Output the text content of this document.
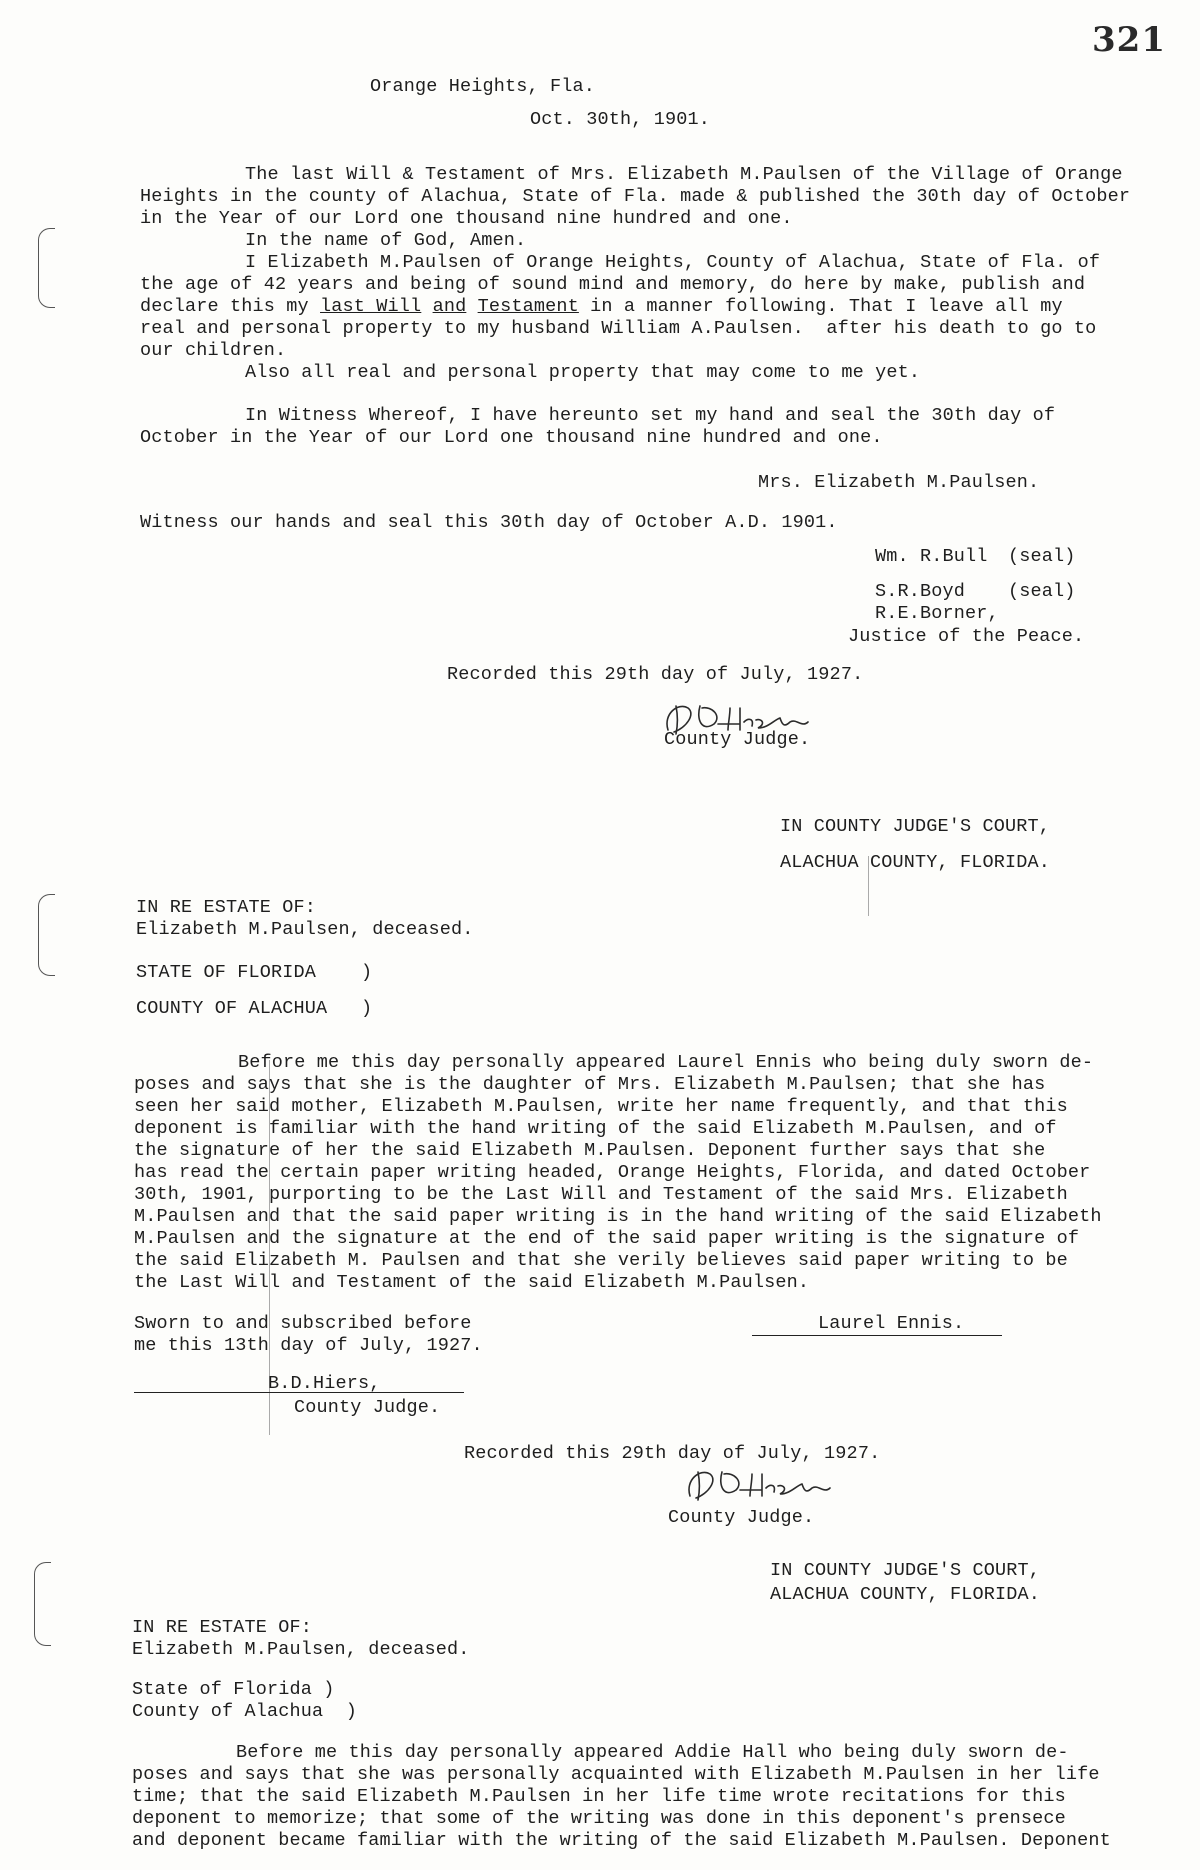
321
Orange Heights, Fla.
Oct. 30th, 1901.
The last Will & Testament of Mrs. Elizabeth M.Paulsen of the Village of Orange
Heights in the county of Alachua, State of Fla. made & published the 30th day of October
in the Year of our Lord one thousand nine hundred and one.
In the name of God, Amen.
I Elizabeth M.Paulsen of Orange Heights, County of Alachua, State of Fla. of
the age of 42 years and being of sound mind and memory, do here by make, publish and
declare this my last Will and Testament in a manner following. That I leave all my
real and personal property to my husband William A.Paulsen.  after his death to go to
our children.
Also all real and personal property that may come to me yet.
In Witness Whereof, I have hereunto set my hand and seal the 30th day of
October in the Year of our Lord one thousand nine hundred and one.
Mrs. Elizabeth M.Paulsen.
Witness our hands and seal this 30th day of October A.D. 1901.
Wm. R.Bull (seal)
S.R.Boyd (seal)
R.E.Borner,
Justice of the Peace.
Recorded this 29th day of July, 1927.
County Judge.
IN COUNTY JUDGE'S COURT,
ALACHUA COUNTY, FLORIDA.
IN RE ESTATE OF:
Elizabeth M.Paulsen, deceased.
STATE OF FLORIDA    )
COUNTY OF ALACHUA   )
Before me this day personally appeared Laurel Ennis who being duly sworn de-
poses and says that she is the daughter of Mrs. Elizabeth M.Paulsen; that she has
seen her said mother, Elizabeth M.Paulsen, write her name frequently, and that this
deponent is familiar with the hand writing of the said Elizabeth M.Paulsen, and of
the signature of her the said Elizabeth M.Paulsen. Deponent further says that she
has read the certain paper writing headed, Orange Heights, Florida, and dated October
30th, 1901, purporting to be the Last Will and Testament of the said Mrs. Elizabeth
M.Paulsen and that the said paper writing is in the hand writing of the said Elizabeth
M.Paulsen and the signature at the end of the said paper writing is the signature of
the said Elizabeth M. Paulsen and that she verily believes said paper writing to be
the Last Will and Testament of the said Elizabeth M.Paulsen.
Sworn to and subscribed before
me this 13th day of July, 1927.
Laurel Ennis.
B.D.Hiers,
County Judge.
Recorded this 29th day of July, 1927.
County Judge.
IN COUNTY JUDGE'S COURT,
ALACHUA COUNTY, FLORIDA.
IN RE ESTATE OF:
Elizabeth M.Paulsen, deceased.
State of Florida )
County of Alachua  )
Before me this day personally appeared Addie Hall who being duly sworn de-
poses and says that she was personally acquainted with Elizabeth M.Paulsen in her life
time; that the said Elizabeth M.Paulsen in her life time wrote recitations for this
deponent to memorize; that some of the writing was done in this deponent's prensece
and deponent became familiar with the writing of the said Elizabeth M.Paulsen. Deponent
